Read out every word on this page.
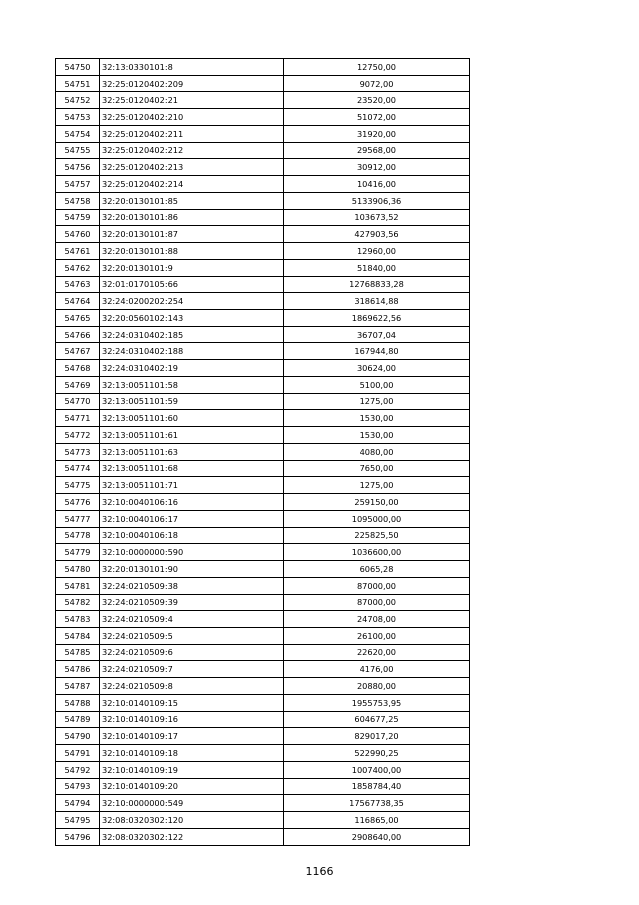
54750	32:13:0330101:8	12750,00
54751	32:25:0120402:209	9072,00
54752	32:25:0120402:21	23520,00
54753	32:25:0120402:210	51072,00
54754	32:25:0120402:211	31920,00
54755	32:25:0120402:212	29568,00
54756	32:25:0120402:213	30912,00
54757	32:25:0120402:214	10416,00
54758	32:20:0130101:85	5133906,36
54759	32:20:0130101:86	103673,52
54760	32:20:0130101:87	427903,56
54761	32:20:0130101:88	12960,00
54762	32:20:0130101:9	51840,00
54763	32:01:0170105:66	12768833,28
54764	32:24:0200202:254	318614,88
54765	32:20:0560102:143	1869622,56
54766	32:24:0310402:185	36707,04
54767	32:24:0310402:188	167944,80
54768	32:24:0310402:19	30624,00
54769	32:13:0051101:58	5100,00
54770	32:13:0051101:59	1275,00
54771	32:13:0051101:60	1530,00
54772	32:13:0051101:61	1530,00
54773	32:13:0051101:63	4080,00
54774	32:13:0051101:68	7650,00
54775	32:13:0051101:71	1275,00
54776	32:10:0040106:16	259150,00
54777	32:10:0040106:17	1095000,00
54778	32:10:0040106:18	225825,50
54779	32:10:0000000:590	1036600,00
54780	32:20:0130101:90	6065,28
54781	32:24:0210509:38	87000,00
54782	32:24:0210509:39	87000,00
54783	32:24:0210509:4	24708,00
54784	32:24:0210509:5	26100,00
54785	32:24:0210509:6	22620,00
54786	32:24:0210509:7	4176,00
54787	32:24:0210509:8	20880,00
54788	32:10:0140109:15	1955753,95
54789	32:10:0140109:16	604677,25
54790	32:10:0140109:17	829017,20
54791	32:10:0140109:18	522990,25
54792	32:10:0140109:19	1007400,00
54793	32:10:0140109:20	1858784,40
54794	32:10:0000000:549	17567738,35
54795	32:08:0320302:120	116865,00
54796	32:08:0320302:122	2908640,00
1166
